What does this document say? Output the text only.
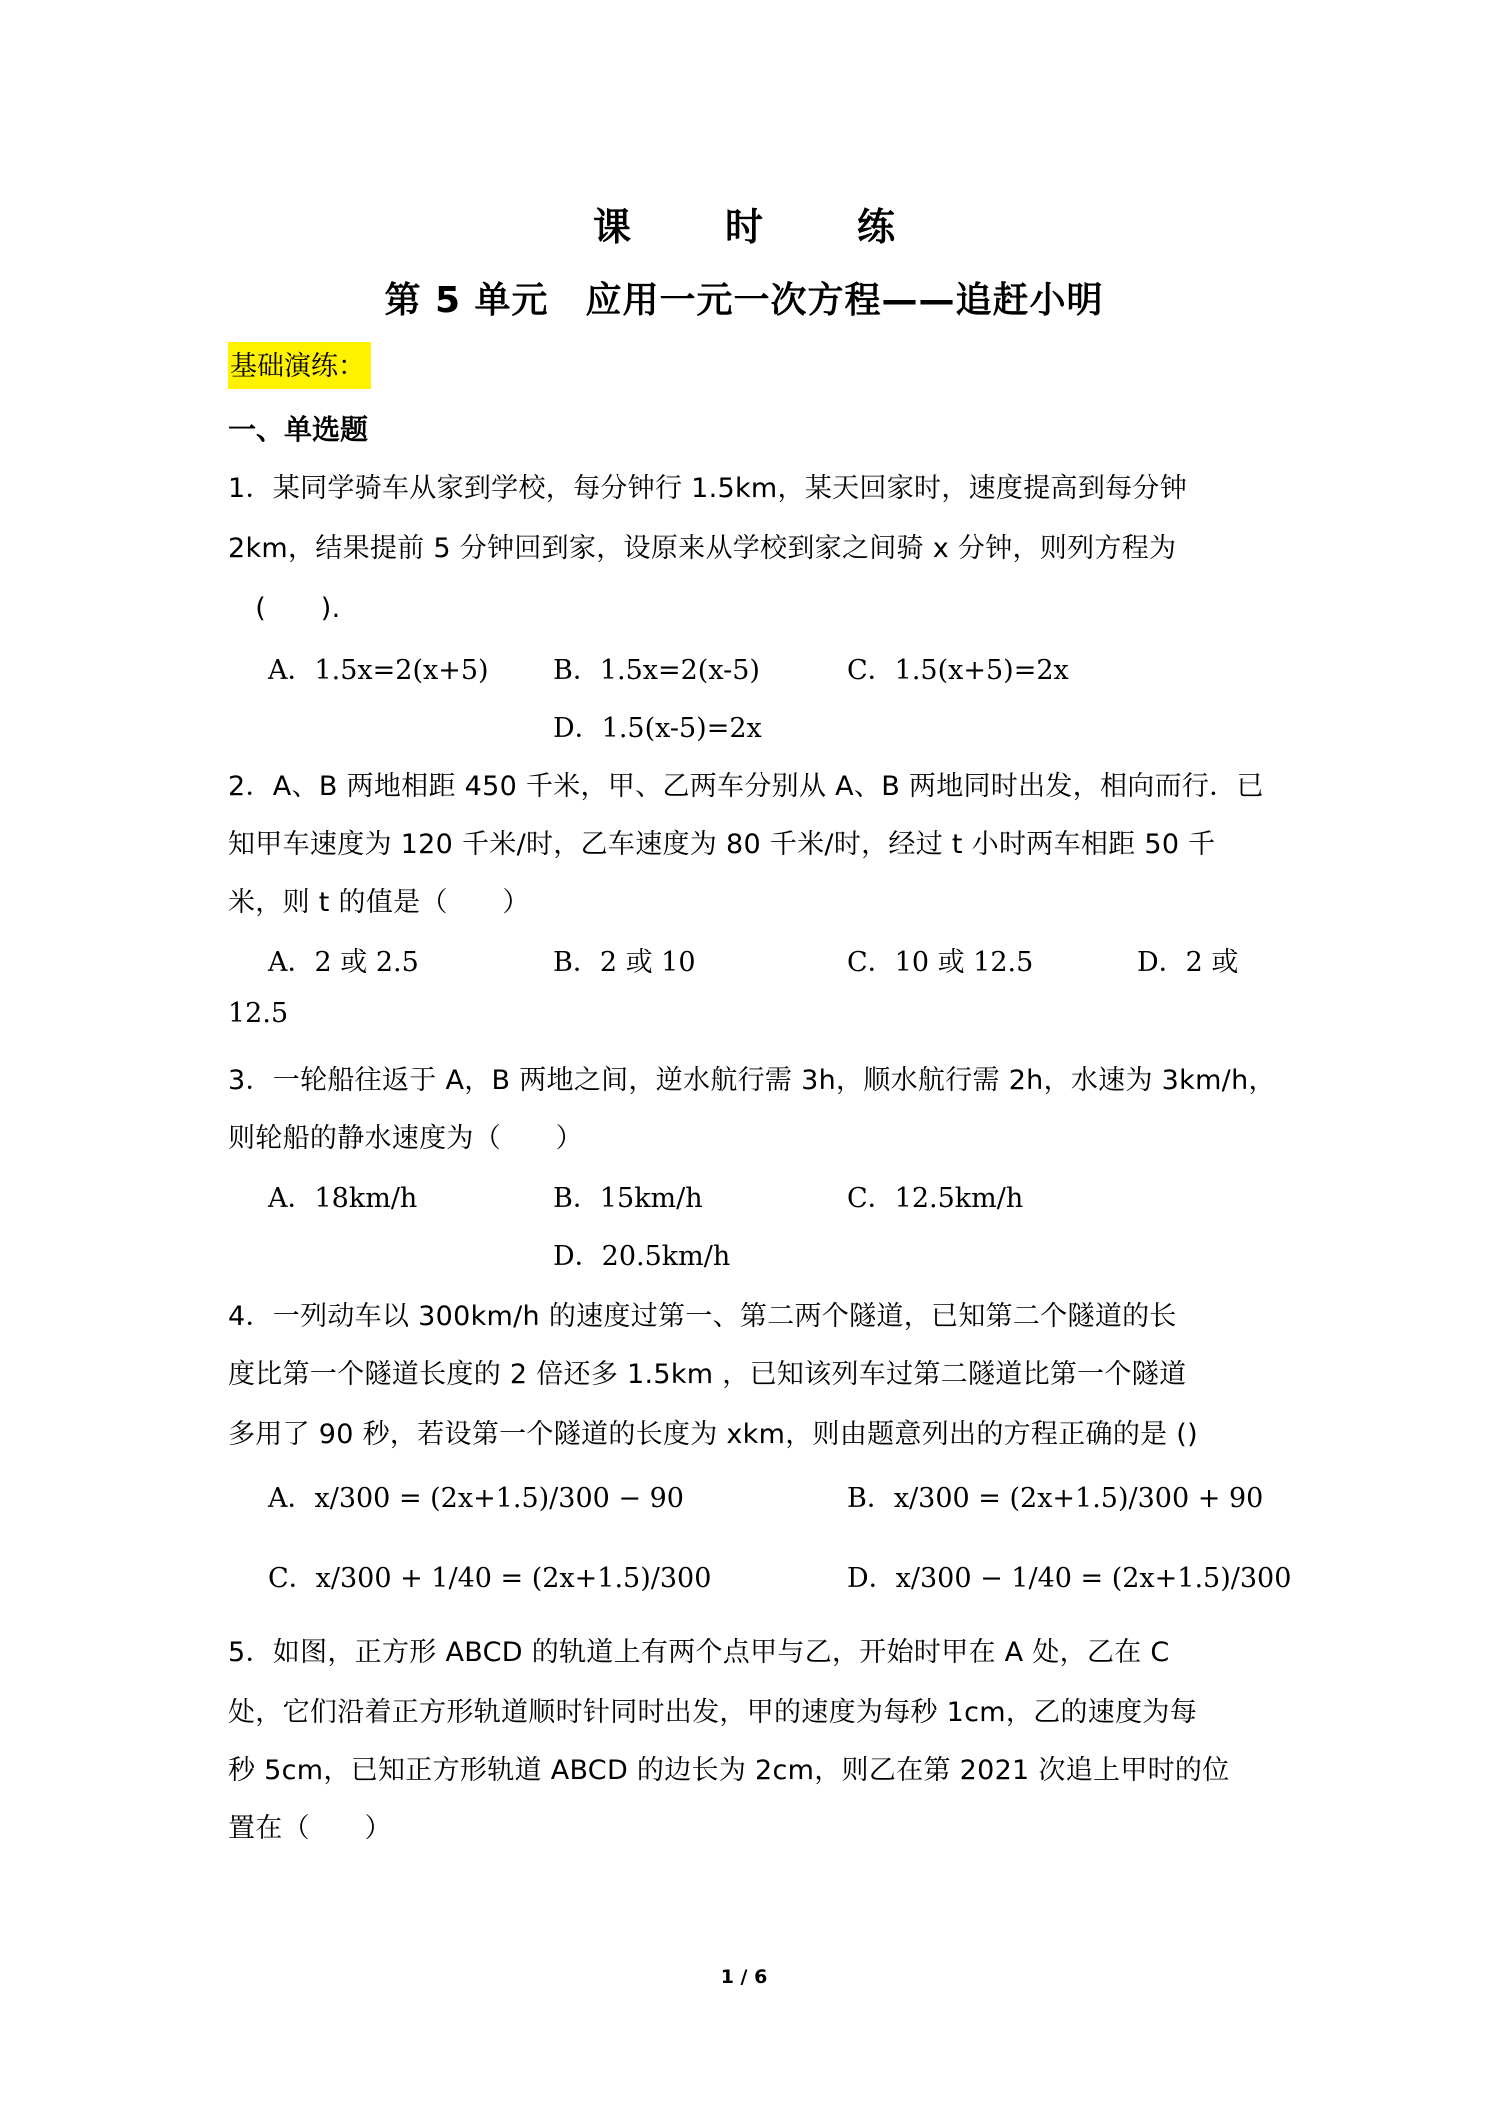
课　时　练
第 5 单元　应用一元一次方程——追赶小明
基础演练：
一、单选题
1．某同学骑车从家到学校，每分钟行 1.5km，某天回家时，速度提高到每分钟
2km，结果提前 5 分钟回到家，设原来从学校到家之间骑 x 分钟，则列方程为
　(　　).
A．1.5x=2(x+5) B．1.5x=2(x-5)	C．1.5(x+5)=2x
D．1.5(x-5)=2x
2．A、B 两地相距 450 千米，甲、乙两车分别从 A、B 两地同时出发，相向而行．已
知甲车速度为 120 千米/时，乙车速度为 80 千米/时，经过 t 小时两车相距 50 千
米，则 t 的值是（　　）
A．2 或 2.5	B．2 或 10	C．10 或 12.5	D．2 或
12.5
3．一轮船往返于 A，B 两地之间，逆水航行需 3h，顺水航行需 2h，水速为 3km/h，
则轮船的静水速度为（　　）
A．18km/h	B．15km/h	C．12.5km/h
D．20.5km/h
4．一列动车以 300km/h 的速度过第一、第二两个隧道，已知第二个隧道的长
度比第一个隧道长度的 2 倍还多 1.5km ，已知该列车过第二隧道比第一个隧道
多用了 90 秒，若设第一个隧道的长度为 xkm，则由题意列出的方程正确的是 ()
A．x/300 = (2x+1.5)/300 − 90	B．x/300 = (2x+1.5)/300 + 90
C．x/300 + 1/40 = (2x+1.5)/300	D．x/300 − 1/40 = (2x+1.5)/300
5．如图，正方形 ABCD 的轨道上有两个点甲与乙，开始时甲在 A 处，乙在 C
处，它们沿着正方形轨道顺时针同时出发，甲的速度为每秒 1cm，乙的速度为每
秒 5cm，已知正方形轨道 ABCD 的边长为 2cm，则乙在第 2021 次追上甲时的位
置在（　　）
1 / 6
